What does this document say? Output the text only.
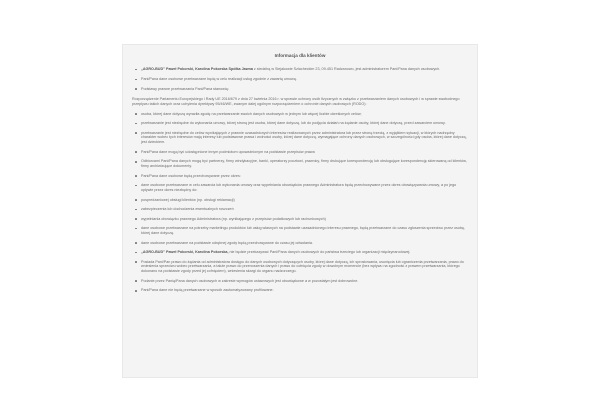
Informacja dla klientów
„AGRO-BUD” Paweł Pokorski, Karolina Pokorska Spółka Jawna z siedzibą w Siejakowie Szlacheckim 23, 09-451 Radzanowo, jest administratorem Pani/Pana danych osobowych.
Pani/Pana dane osobowe przetwarzane będą w celu realizacji usług zgodnie z zawartą umową.
Podstawy prawne przetwarzania Pani/Pana stanowią:
Rozporządzenie Parlamentu Europejskiego i Rady UE 2016/679 z dnia 27 kwietnia 2016 r. w sprawie ochrony osób fizycznych w związku z przetwarzaniem danych osobowych i w sprawie swobodnego przepływu takich danych oraz uchylenia dyrektywy 95/46/WE, zwanym dalej ogólnym rozporządzeniem o ochronie danych osobowych (RODO):
osoba, której dane dotyczą wyraziła zgodę na przetwarzanie swoich danych osobowych w jednym lub więcej liczbie określonych celów;
przetwarzanie jest niezbędne do wykonania umowy, której stroną jest osoba, której dane dotyczą, lub do podjęcia działań na żądanie osoby, której dane dotyczą, przed zawarciem umowy.
przetwarzanie jest niezbędne do celów wynikających z prawnie uzasadnionych interesów realizowanych przez administratora lub przez stronę trzecią, z wyjątkiem sytuacji, w których nadrzędny charakter wobec tych interesów mają interesy lub podstawowe prawa i wolności osoby, której dane dotyczą, wymagające ochrony danych osobowych, w szczególności gdy osoba, której dane dotyczą, jest dzieckiem.
Pani/Pana dane mogą być udostępnione innym podmiotom upoważnionym na podstawie przepisów prawa
Odbiorcami Pani/Pana danych mogą być partnerzy, firmy windykacyjne, banki, operatorzy pocztowi, prawnicy, firmy drukujące korespondencję lub obsługujące korespondencję skierowaną od klientów, firmy archiwizujące dokumenty.
Pani/Pana dane osobowe będą przechowywane przez okres:
dane osobowe przetwarzane w celu zawarcia lub wykonania umowy oraz wypełniania obowiązków prawnego Administratora będą przechowywane przez okres obowiązywania umowy, a po jego upływie przez okres niezbędny do:
pospredzaniowej obsługi klientów (np. obsługi reklamacji)
zabezpieczenia lub dochodzenia ewentualnych roszczeń
wypełniania obowiązku prawnego Administratora (np. wynikającego z przepisów podatkowych lub rachunkowych)
dane osobowe przetwarzane na potrzeby marketingu produktów lub usług własnych na podstawie uzasadnionego interesu prawnego, będą przetwarzane do czasu zgłoszenia sprzeciwu przez osobę, której dane dotyczą.
dane osobowe przetwarzane na podstawie odrębnej zgody będą przechowywane do czasu jej odwołania.
„AGRO-BUD” Paweł Pokorski, Karolina Pokorska, nie będzie przekazywać Pani/Pana danych osobowych do państwa trzeciego lub organizacji międzynarodowej.
Posiada Pani/Pan prawo do żądania od administratora dostępu do danych osobowych dotyczących osoby, której dane dotyczą, ich sprostowania, usunięcia lub ograniczenia przetwarzania, prawo do wniesienia sprzeciwu wobec przetwarzania, a także prawo do przenoszenia danych i prawo do cofnięcia zgody w dowolnym momencie (bez wpływu na zgodność z prawem przetwarzania, którego dokonano na podstawie zgody przed jej cofnięciem), wniesienia skargi do organu nadzorczego.
Podanie przez Panią/Pana danych osobowych w zakresie wymogów ustawowych jest obowiązkowe a w pozostałym jest dobrowolne.
Pani/Pana dane nie będą przetwarzane w sposób zautomatyzowany profilowane.
